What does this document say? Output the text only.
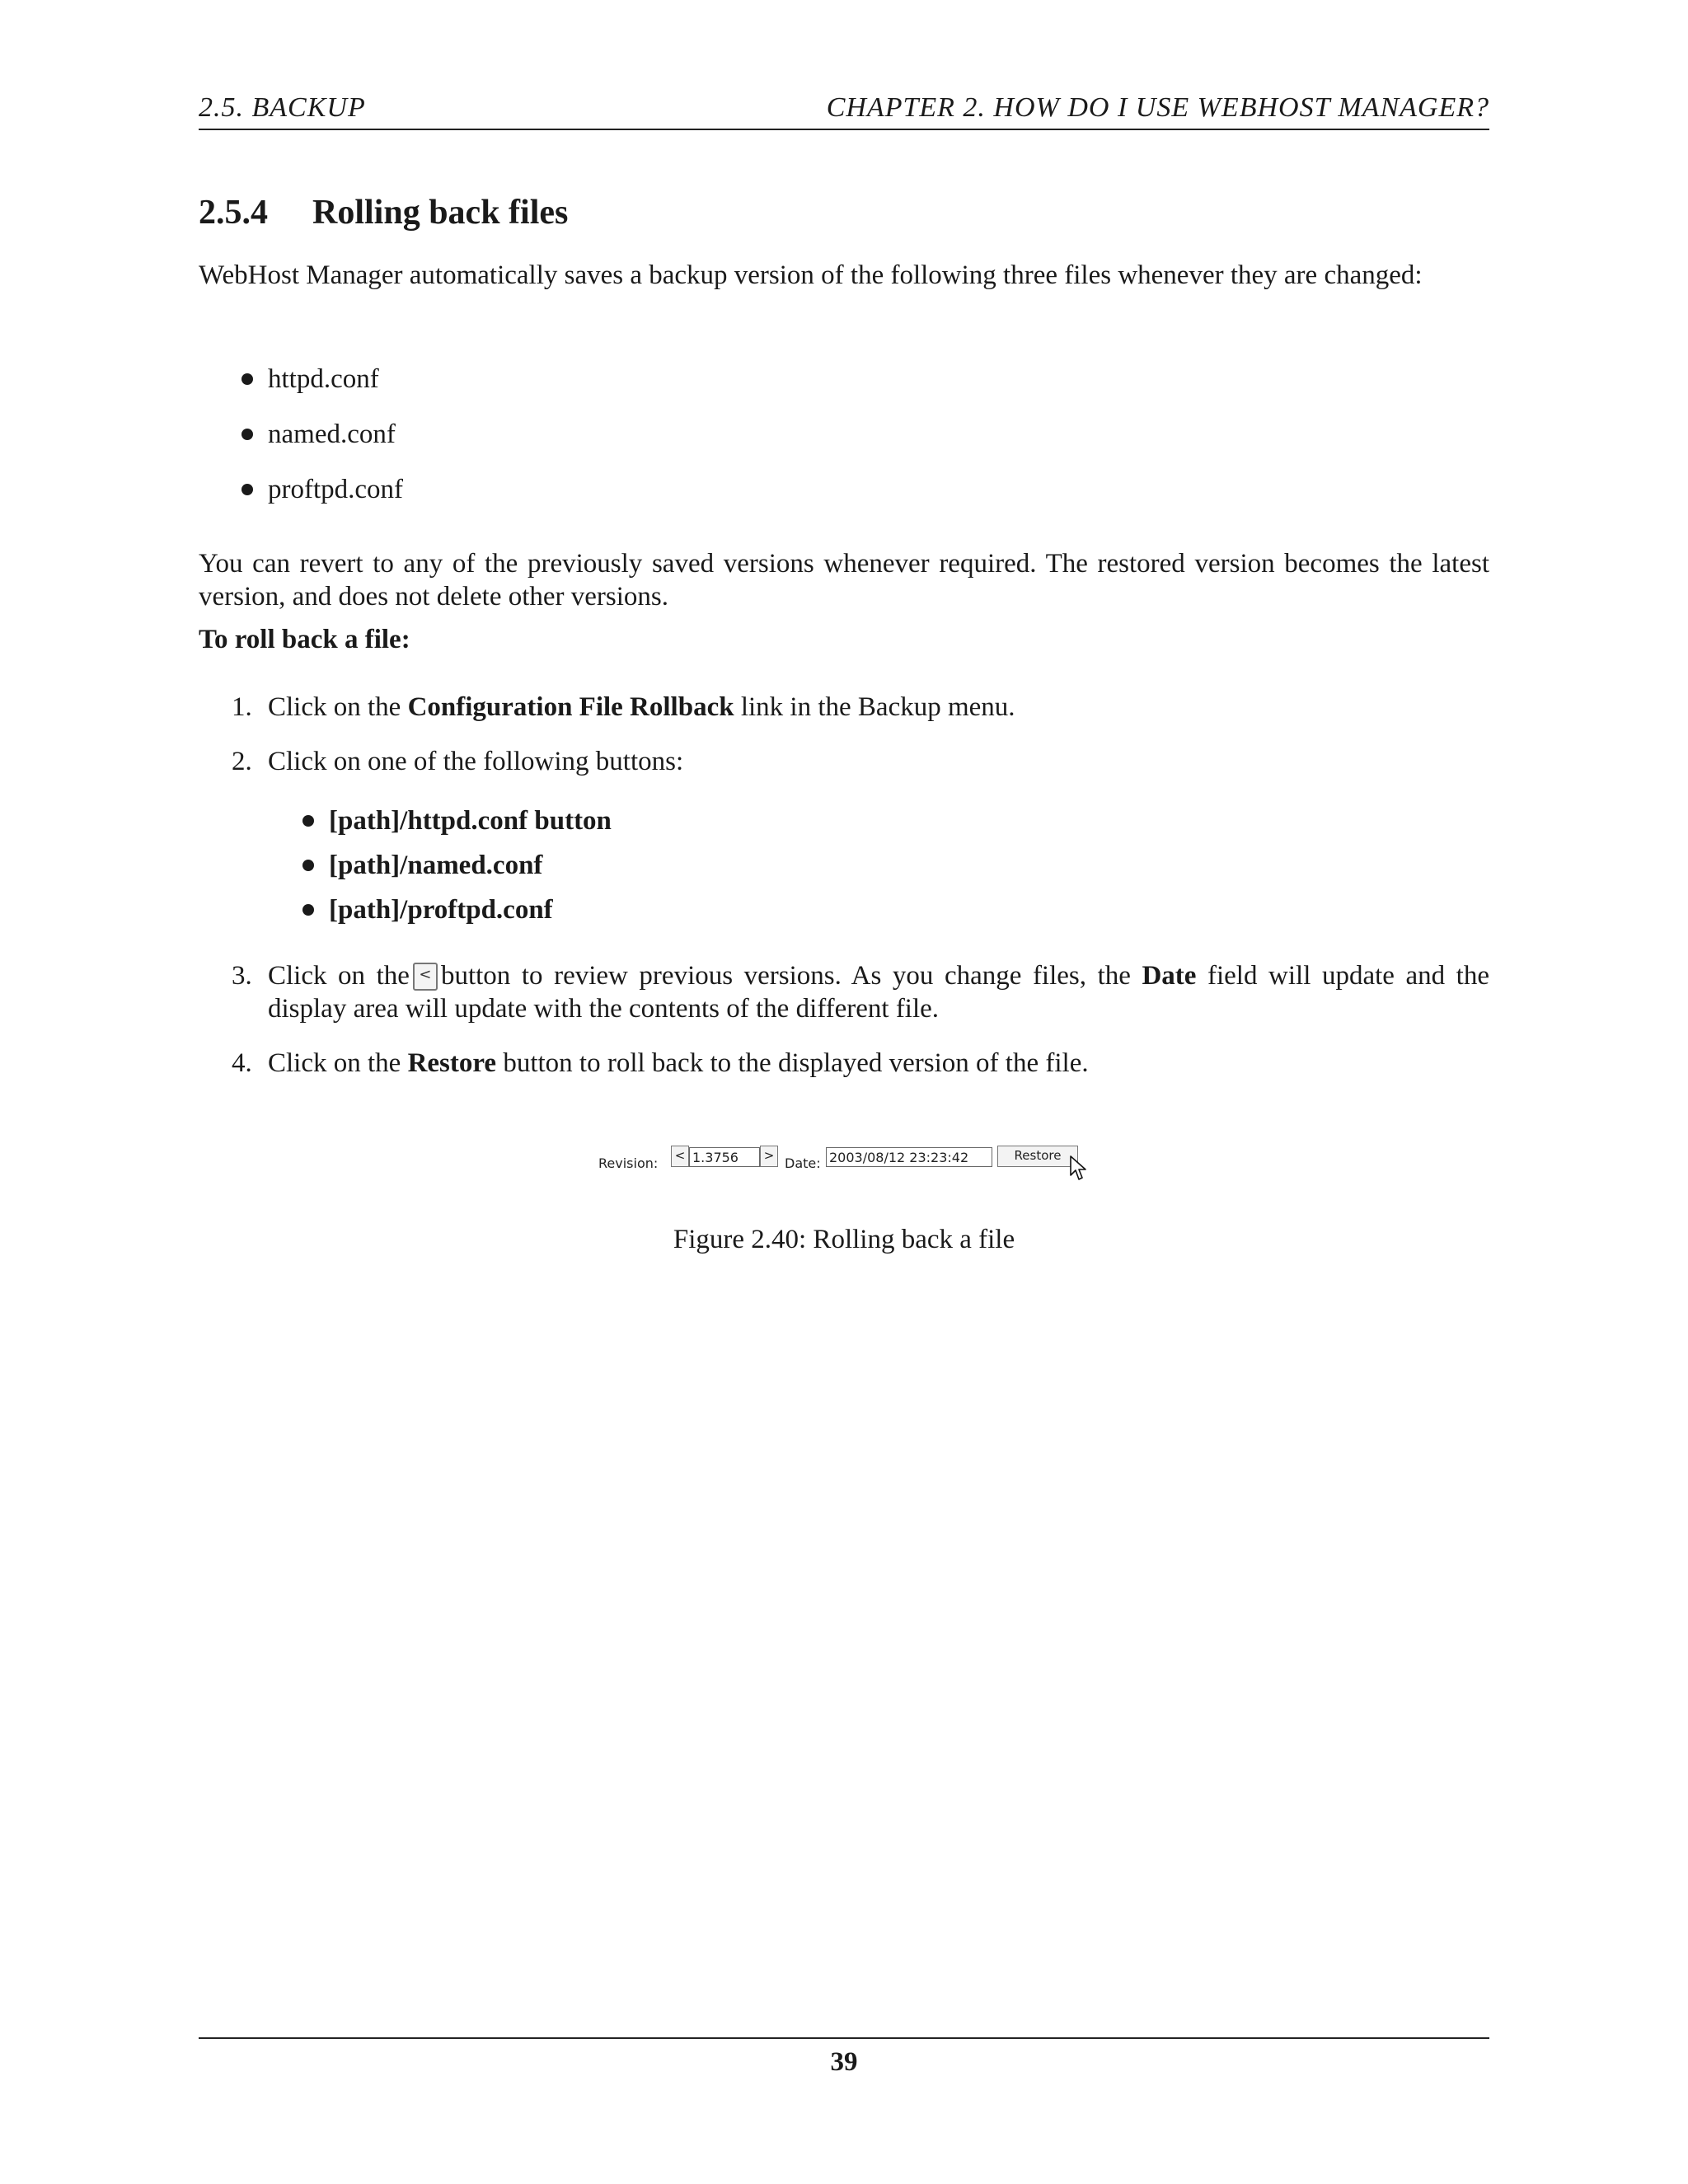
2.5. BACKUP	CHAPTER 2. HOW DO I USE WEBHOST MANAGER?
2.5.4 Rolling back files

WebHost Manager automatically saves a backup version of the following three files whenever they are changed:

httpd.conf
named.conf
proftpd.conf

You can revert to any of the previously saved versions whenever required. The restored version becomes the latest version, and does not delete other versions.

To roll back a file:
1. Click on the Configuration File Rollback link in the Backup menu.
2. Click on one of the following buttons:
[path]/httpd.conf button
[path]/named.conf
[path]/proftpd.conf
3. Click on the < button to review previous versions. As you change files, the Date field will update and the display area will update with the contents of the different file.
4. Click on the Restore button to roll back to the displayed version of the file.
Revision:	< 1.3756	> Date: 2003/08/12 23:23:42	Restore
Figure 2.40: Rolling back a file
39
